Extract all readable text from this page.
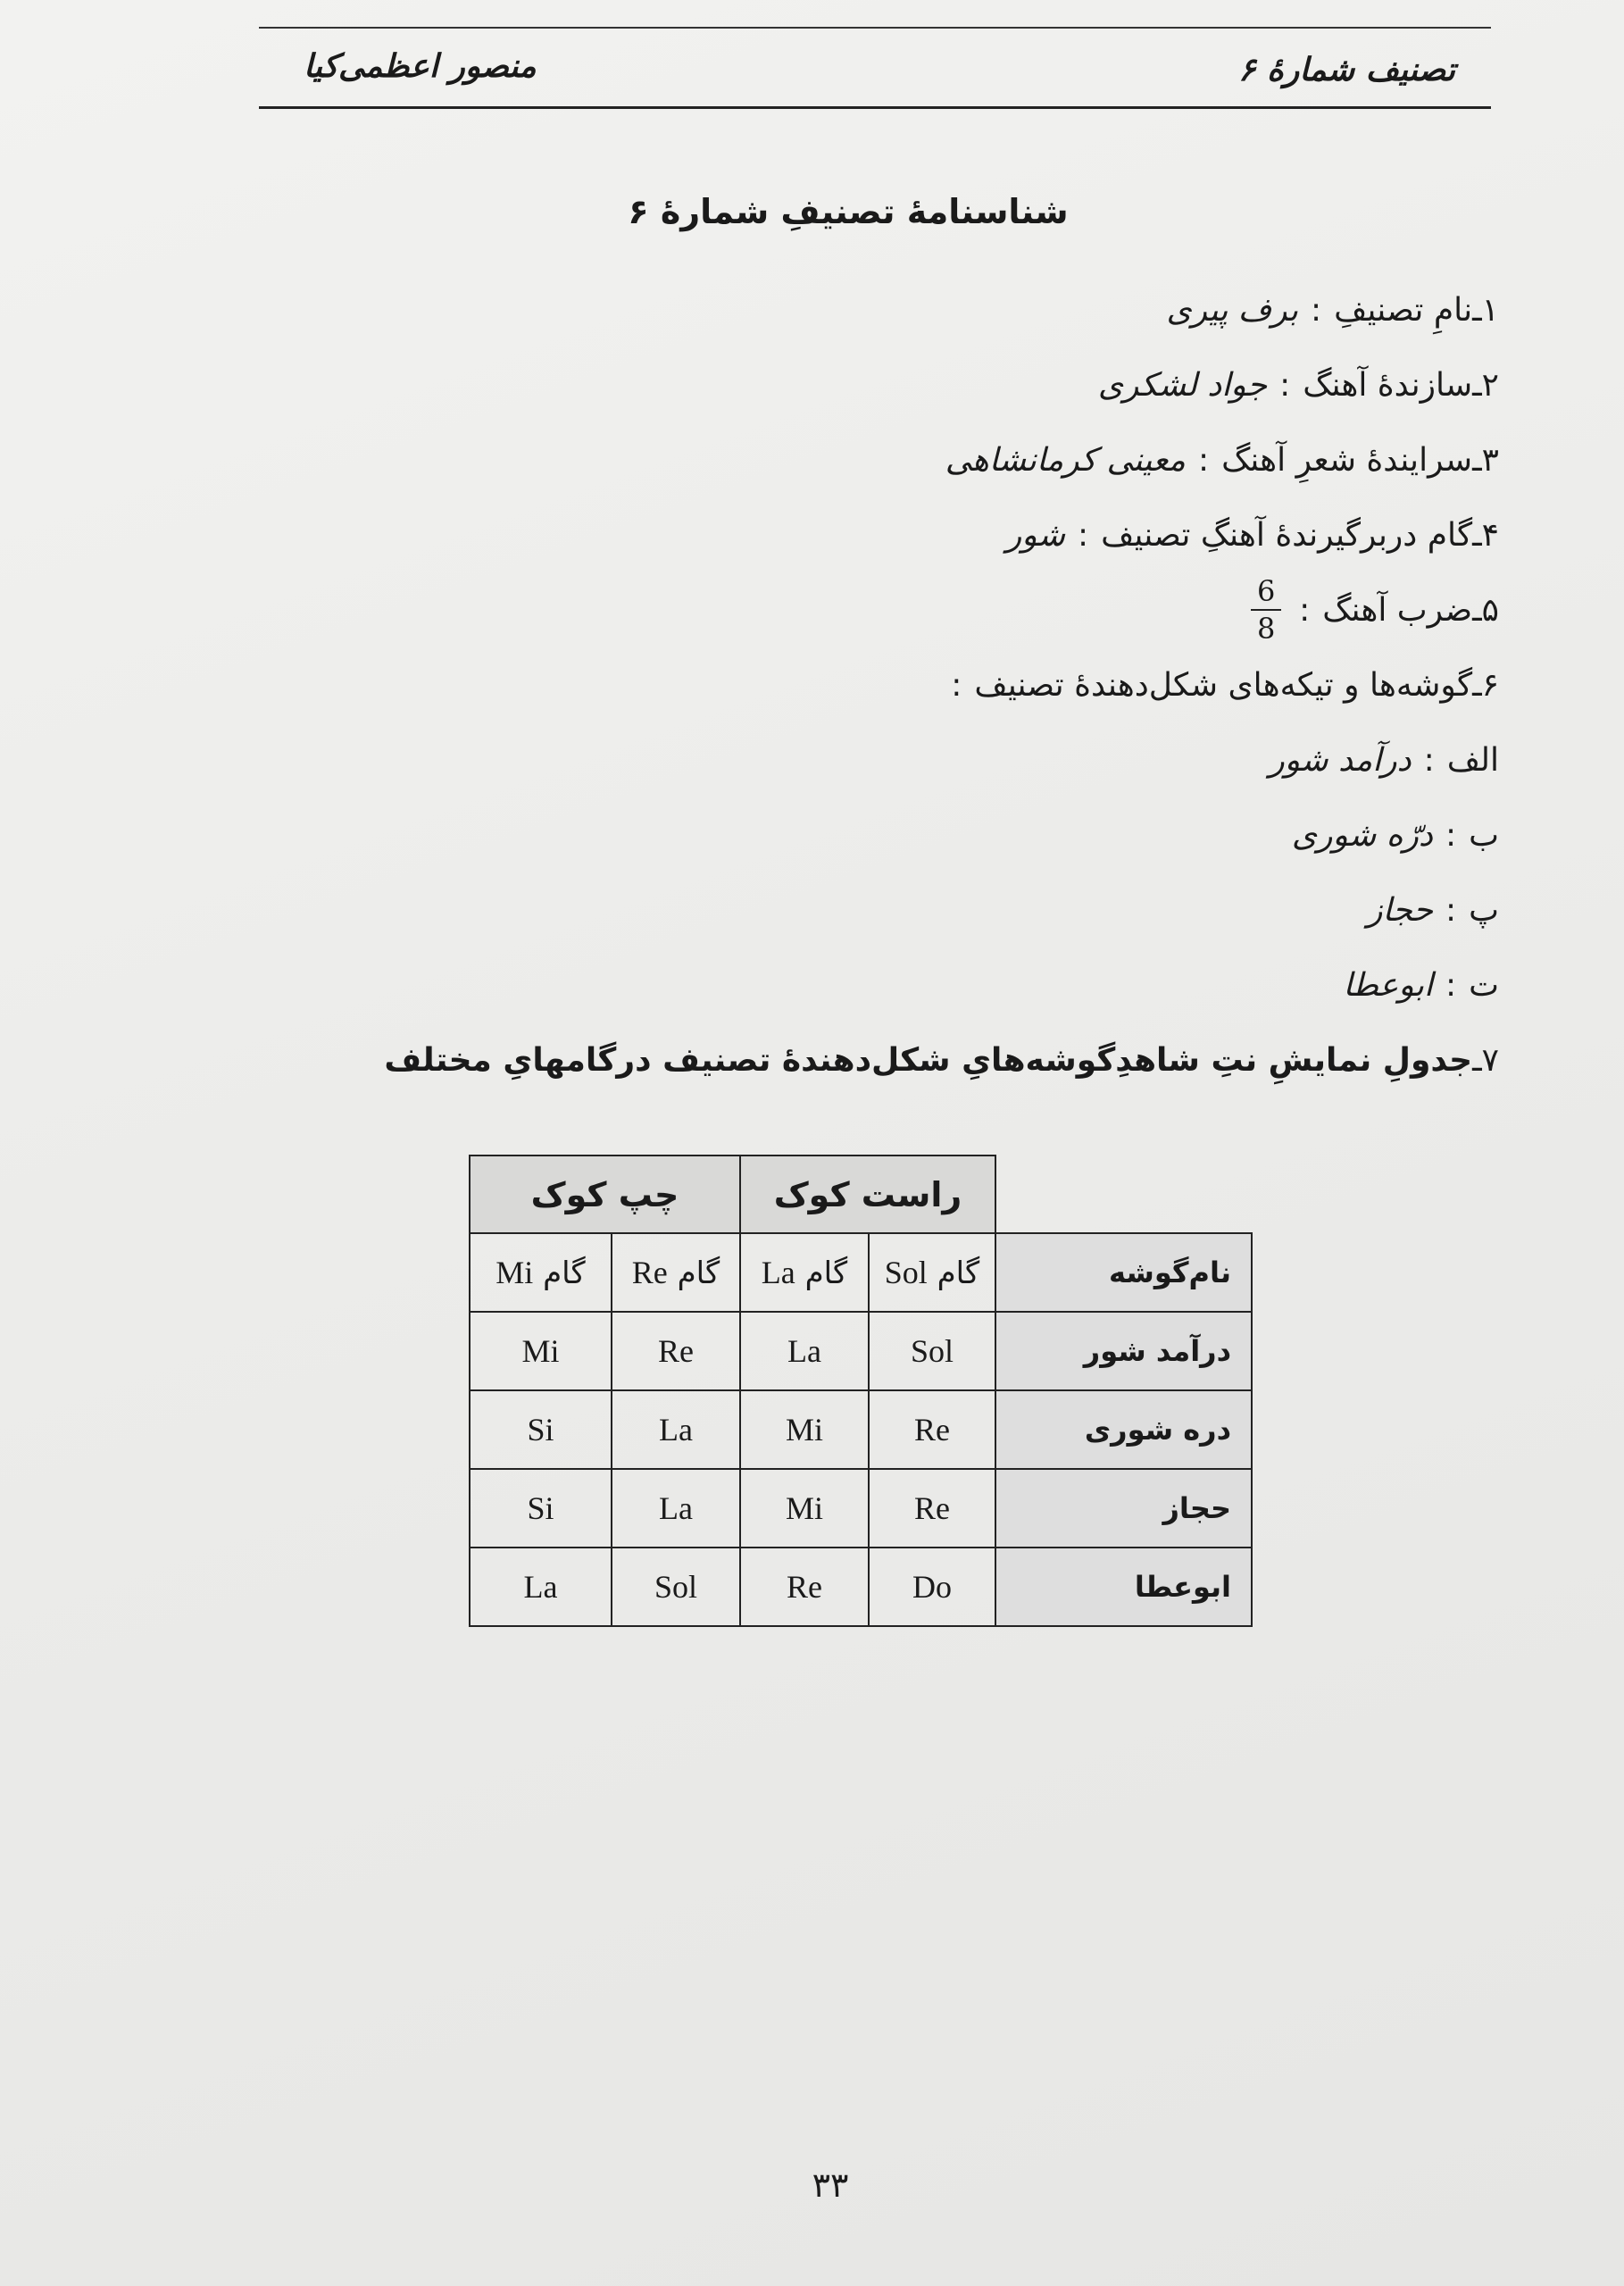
تصنیف شمارهٔ ۶
منصور اعظمی‌کیا
شناسنامهٔ تصنیفِ شمارهٔ ۶
۱ـ
نامِ تصنیفِ
:
برف پیری
۲ـ
سازندهٔ آهنگ
:
جواد لشکری
۳ـ
سرایندهٔ شعرِ آهنگ
:
معینی کرمانشاهی
۴ـ
گام دربرگیرندهٔ آهنگِ تصنیف
:
شور
۵ـ
ضرب آهنگ
:
$\frac{6}{8}$
۶ـ
گوشه‌ها و تیکه‌های شکل‌دهندهٔ تصنیف
:
الف
:
درآمد شور
ب
:
درّه شوری
پ
:
حجاز
ت
:
ابوعطا
۷ـ
جدولِ نمایشِ نتِ شاهدِ‌گوشه‌هایِ شکل‌دهندهٔ تصنیف درگامهایِ مختلف
چپ کوک		راست کوک		
گام Mi	گام Re	گام La	گام Sol	نام‌گوشه
Mi	Re	La	Sol	درآمد شور
Si	La	Mi	Re	دره شوری
Si	La	Mi	Re	حجاز
La	Sol	Re	Do	ابوعطا
۳۳
